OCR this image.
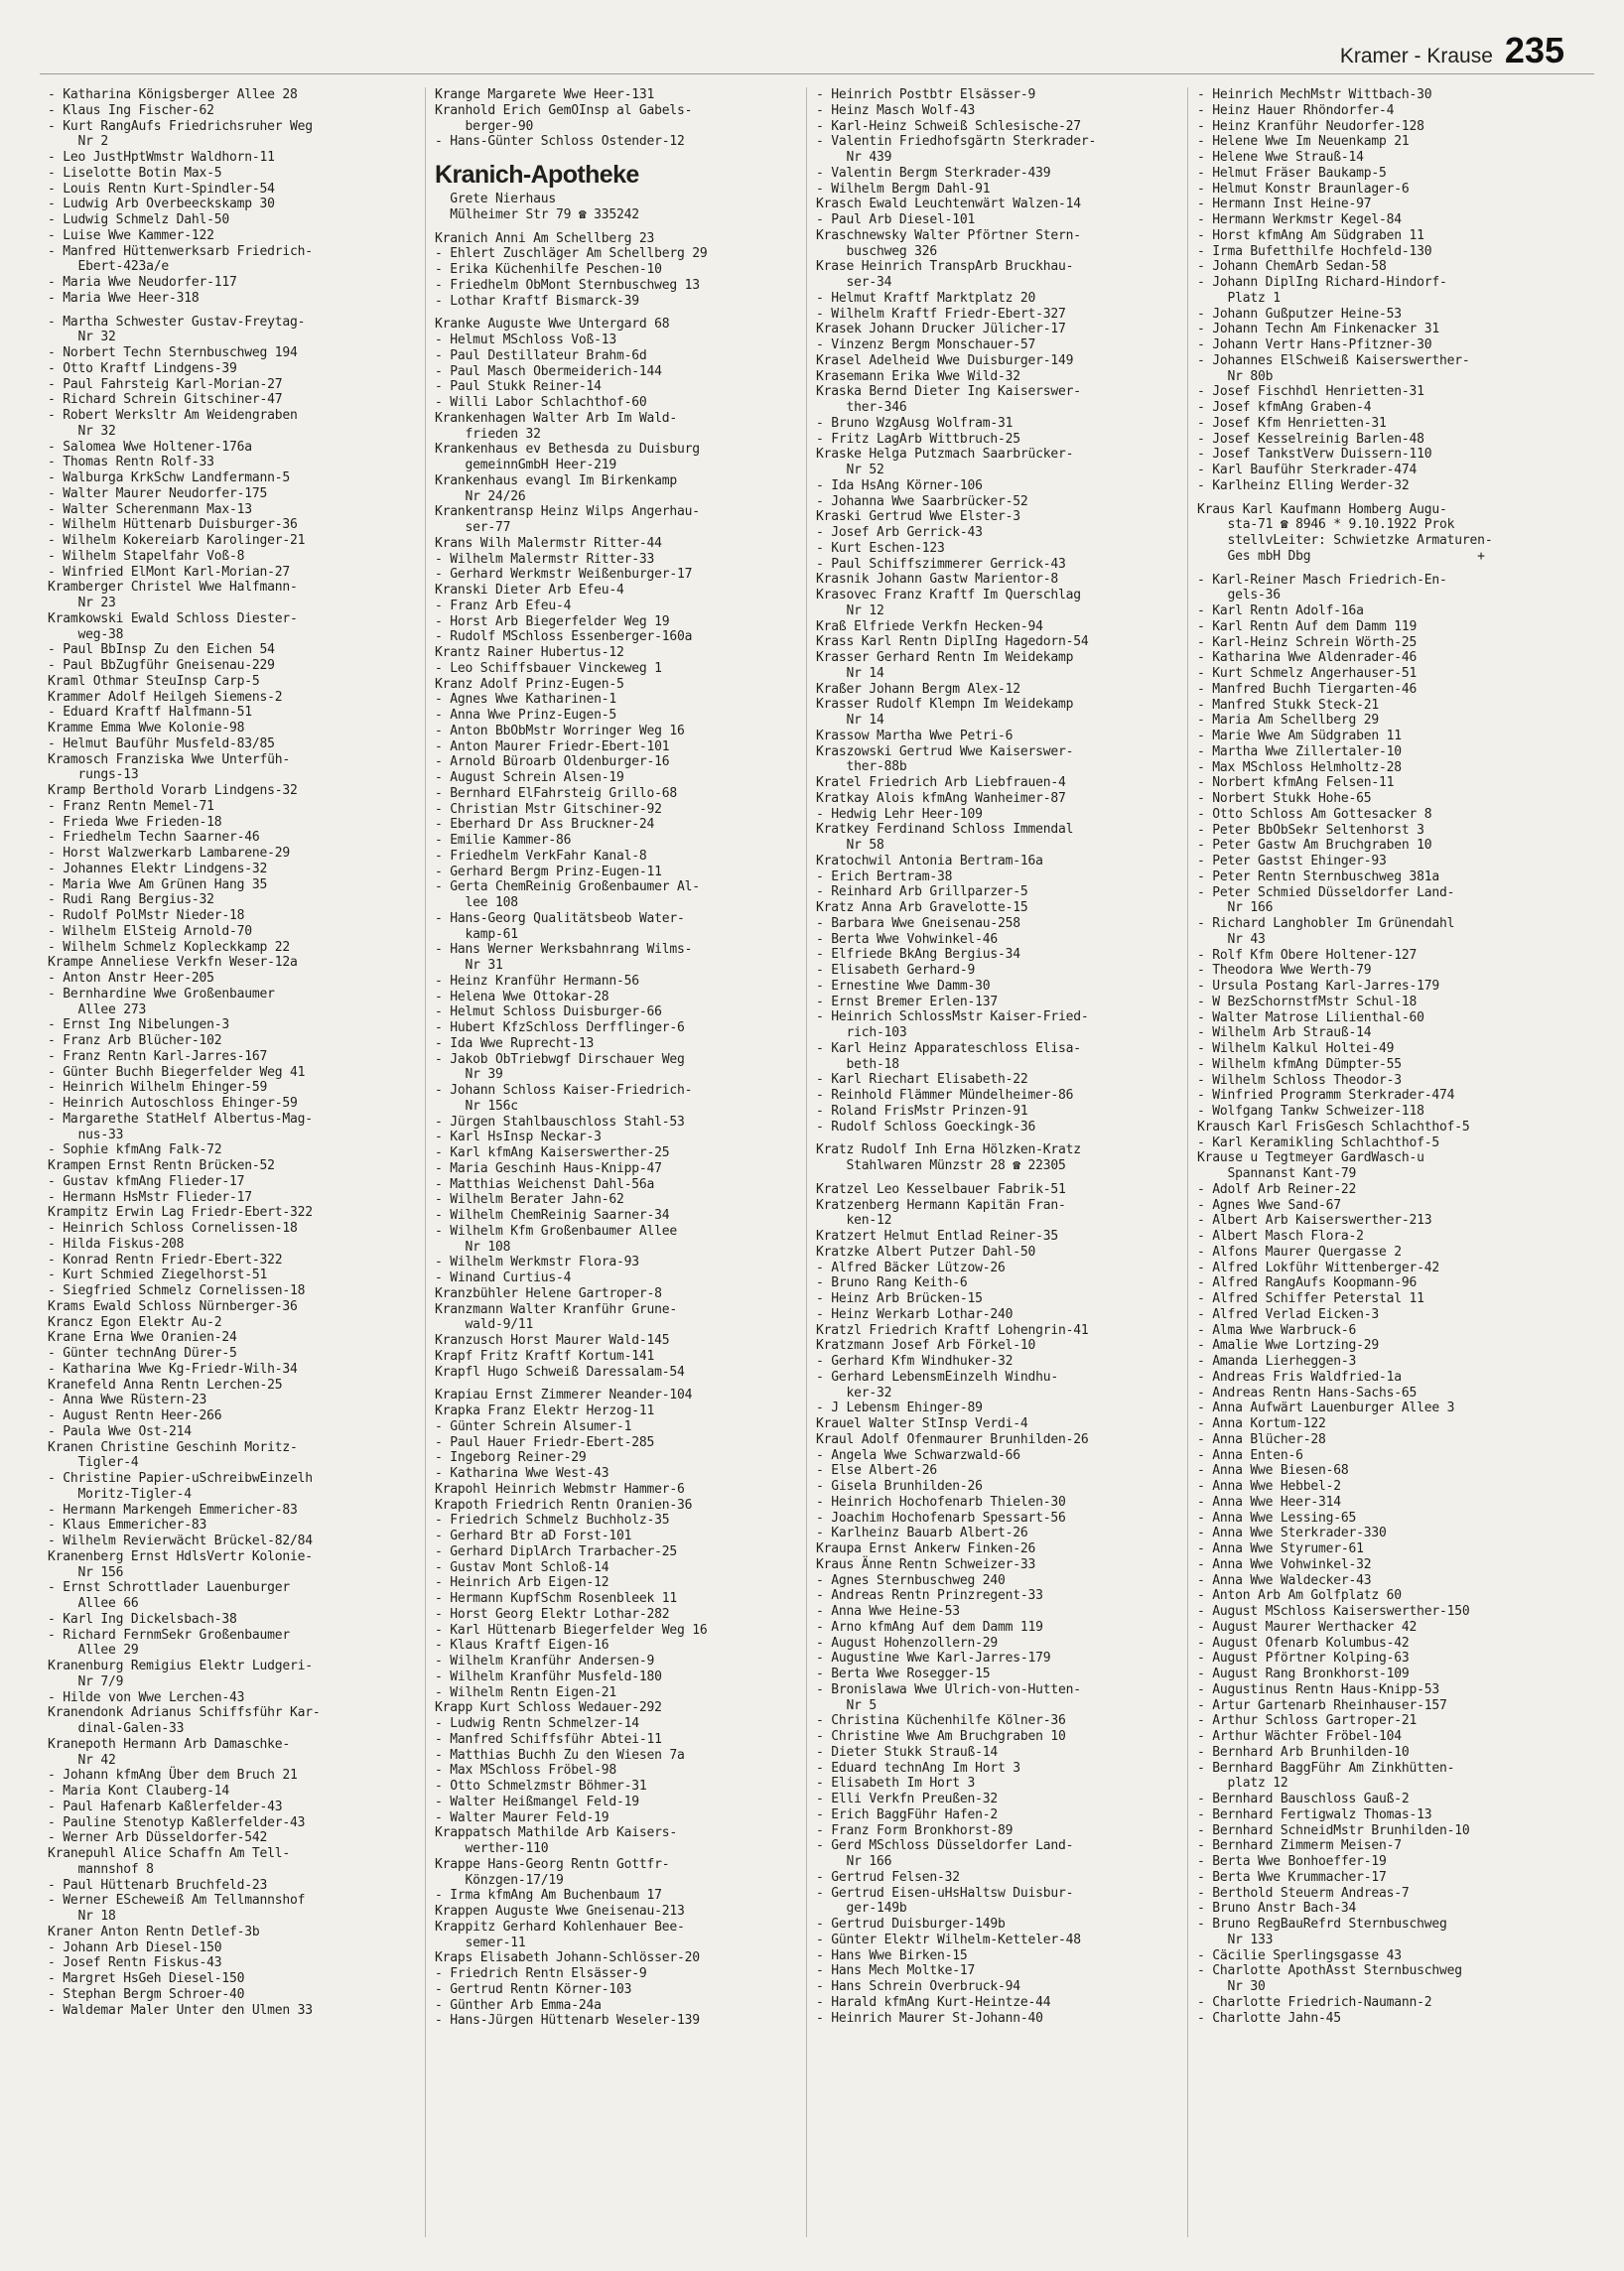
Kramer - Krause 235
- Katharina Königsberger Allee 28
- Klaus Ing Fischer-62
- Kurt RangAufs Friedrichsruher Weg
Nr 2
- Leo JustHptWmstr Waldhorn-11
- Liselotte Botin Max-5
- Louis Rentn Kurt-Spindler-54
- Ludwig Arb Overbeeckskamp 30
- Ludwig Schmelz Dahl-50
- Luise Wwe Kammer-122
- Manfred Hüttenwerksarb Friedrich-
Ebert-423a/e
- Maria Wwe Neudorfer-117
- Maria Wwe Heer-318
- Martha Schwester Gustav-Freytag-
Nr 32
- Norbert Techn Sternbuschweg 194
- Otto Kraftf Lindgens-39
- Paul Fahrsteig Karl-Morian-27
- Richard Schrein Gitschiner-47
- Robert Werksltr Am Weidengraben
Nr 32
- Salomea Wwe Holtener-176a
- Thomas Rentn Rolf-33
- Walburga KrkSchw Landfermann-5
- Walter Maurer Neudorfer-175
- Walter Scherenmann Max-13
- Wilhelm Hüttenarb Duisburger-36
- Wilhelm Kokereiarb Karolinger-21
- Wilhelm Stapelfahr Voß-8
- Winfried ElMont Karl-Morian-27
Kramberger Christel Wwe Halfmann-
Nr 23
Kramkowski Ewald Schloss Diester-
weg-38
- Paul BbInsp Zu den Eichen 54
- Paul BbZugführ Gneisenau-229
Kraml Othmar SteuInsp Carp-5
Krammer Adolf Heilgeh Siemens-2
- Eduard Kraftf Halfmann-51
Kramme Emma Wwe Kolonie-98
- Helmut Bauführ Musfeld-83/85
Kramosch Franziska Wwe Unterfüh-
rungs-13
Kramp Berthold Vorarb Lindgens-32
- Franz Rentn Memel-71
- Frieda Wwe Frieden-18
- Friedhelm Techn Saarner-46
- Horst Walzwerkarb Lambarene-29
- Johannes Elektr Lindgens-32
- Maria Wwe Am Grünen Hang 35
- Rudi Rang Bergius-32
- Rudolf PolMstr Nieder-18
- Wilhelm ElSteig Arnold-70
- Wilhelm Schmelz Kopleckkamp 22
Krampe Anneliese Verkfn Weser-12a
- Anton Anstr Heer-205
- Bernhardine Wwe Großenbaumer
Allee 273
- Ernst Ing Nibelungen-3
- Franz Arb Blücher-102
- Franz Rentn Karl-Jarres-167
- Günter Buchh Biegerfelder Weg 41
- Heinrich Wilhelm Ehinger-59
- Heinrich Autoschloss Ehinger-59
- Margarethe StatHelf Albertus-Mag-
nus-33
- Sophie kfmAng Falk-72
Krampen Ernst Rentn Brücken-52
- Gustav kfmAng Flieder-17
- Hermann HsMstr Flieder-17
Krampitz Erwin Lag Friedr-Ebert-322
- Heinrich Schloss Cornelissen-18
- Hilda Fiskus-208
- Konrad Rentn Friedr-Ebert-322
- Kurt Schmied Ziegelhorst-51
- Siegfried Schmelz Cornelissen-18
Krams Ewald Schloss Nürnberger-36
Krancz Egon Elektr Au-2
Krane Erna Wwe Oranien-24
- Günter technAng Dürer-5
- Katharina Wwe Kg-Friedr-Wilh-34
Kranefeld Anna Rentn Lerchen-25
- Anna Wwe Rüstern-23
- August Rentn Heer-266
- Paula Wwe Ost-214
Kranen Christine Geschinh Moritz-
Tigler-4
- Christine Papier-uSchreibwEinzelh
Moritz-Tigler-4
- Hermann Markengeh Emmericher-83
- Klaus Emmericher-83
- Wilhelm Revierwächt Brückel-82/84
Kranenberg Ernst HdlsVertr Kolonie-
Nr 156
- Ernst Schrottlader Lauenburger
Allee 66
- Karl Ing Dickelsbach-38
- Richard FernmSekr Großenbaumer
Allee 29
Kranenburg Remigius Elektr Ludgeri-
Nr 7/9
- Hilde von Wwe Lerchen-43
Kranendonk Adrianus Schiffsführ Kar-
dinal-Galen-33
Kranepoth Hermann Arb Damaschke-
Nr 42
- Johann kfmAng Über dem Bruch 21
- Maria Kont Clauberg-14
- Paul Hafenarb Kaßlerfelder-43
- Pauline Stenotyp Kaßlerfelder-43
- Werner Arb Düsseldorfer-542
Kranepuhl Alice Schaffn Am Tell-
mannshof 8
- Paul Hüttenarb Bruchfeld-23
- Werner EScheweiß Am Tellmannshof
Nr 18
Kraner Anton Rentn Detlef-3b
- Johann Arb Diesel-150
- Josef Rentn Fiskus-43
- Margret HsGeh Diesel-150
- Stephan Bergm Schroer-40
- Waldemar Maler Unter den Ulmen 33
Krange Margarete Wwe Heer-131
Kranhold Erich GemOInsp al Gabels-
berger-90
- Hans-Günter Schloss Ostender-12
Kranich-Apotheke
Grete Nierhaus
Mülheimer Str 79 ☎ 335242
Kranich Anni Am Schellberg 23
- Ehlert Zuschläger Am Schellberg 29
- Erika Küchenhilfe Peschen-10
- Friedhelm ObMont Sternbuschweg 13
- Lothar Kraftf Bismarck-39
Kranke Auguste Wwe Untergard 68
- Helmut MSchloss Voß-13
- Paul Destillateur Brahm-6d
- Paul Masch Obermeiderich-144
- Paul Stukk Reiner-14
- Willi Labor Schlachthof-60
Krankenhagen Walter Arb Im Wald-
frieden 32
Krankenhaus ev Bethesda zu Duisburg
gemeinnGmbH Heer-219
Krankenhaus evangl Im Birkenkamp
Nr 24/26
Krankentransp Heinz Wilps Angerhau-
ser-77
Krans Wilh Malermstr Ritter-44
- Wilhelm Malermstr Ritter-33
- Gerhard Werkmstr Weißenburger-17
Kranski Dieter Arb Efeu-4
- Franz Arb Efeu-4
- Horst Arb Biegerfelder Weg 19
- Rudolf MSchloss Essenberger-160a
Krantz Rainer Hubertus-12
- Leo Schiffsbauer Vinckeweg 1
Kranz Adolf Prinz-Eugen-5
- Agnes Wwe Katharinen-1
- Anna Wwe Prinz-Eugen-5
- Anton BbObMstr Worringer Weg 16
- Anton Maurer Friedr-Ebert-101
- Arnold Büroarb Oldenburger-16
- August Schrein Alsen-19
- Bernhard ElFahrsteig Grillo-68
- Christian Mstr Gitschiner-92
- Eberhard Dr Ass Bruckner-24
- Emilie Kammer-86
- Friedhelm VerkFahr Kanal-8
- Gerhard Bergm Prinz-Eugen-11
- Gerta ChemReinig Großenbaumer Al-
lee 108
- Hans-Georg Qualitätsbeob Water-
kamp-61
- Hans Werner Werksbahnrang Wilms-
Nr 31
- Heinz Kranführ Hermann-56
- Helena Wwe Ottokar-28
- Helmut Schloss Duisburger-66
- Hubert KfzSchloss Derfflinger-6
- Ida Wwe Ruprecht-13
- Jakob ObTriebwgf Dirschauer Weg
Nr 39
- Johann Schloss Kaiser-Friedrich-
Nr 156c
- Jürgen Stahlbauschloss Stahl-53
- Karl HsInsp Neckar-3
- Karl kfmAng Kaiserswerther-25
- Maria Geschinh Haus-Knipp-47
- Matthias Weichenst Dahl-56a
- Wilhelm Berater Jahn-62
- Wilhelm ChemReinig Saarner-34
- Wilhelm Kfm Großenbaumer Allee
Nr 108
- Wilhelm Werkmstr Flora-93
- Winand Curtius-4
Kranzbühler Helene Gartroper-8
Kranzmann Walter Kranführ Grune-
wald-9/11
Kranzusch Horst Maurer Wald-145
Krapf Fritz Kraftf Kortum-141
Krapfl Hugo Schweiß Daressalam-54
Krapiau Ernst Zimmerer Neander-104
Krapka Franz Elektr Herzog-11
- Günter Schrein Alsumer-1
- Paul Hauer Friedr-Ebert-285
- Ingeborg Reiner-29
- Katharina Wwe West-43
Krapohl Heinrich Webmstr Hammer-6
Krapoth Friedrich Rentn Oranien-36
- Friedrich Schmelz Buchholz-35
- Gerhard Btr aD Forst-101
- Gerhard DiplArch Trarbacher-25
- Gustav Mont Schloß-14
- Heinrich Arb Eigen-12
- Hermann KupfSchm Rosenbleek 11
- Horst Georg Elektr Lothar-282
- Karl Hüttenarb Biegerfelder Weg 16
- Klaus Kraftf Eigen-16
- Wilhelm Kranführ Andersen-9
- Wilhelm Kranführ Musfeld-180
- Wilhelm Rentn Eigen-21
Krapp Kurt Schloss Wedauer-292
- Ludwig Rentn Schmelzer-14
- Manfred Schiffsführ Abtei-11
- Matthias Buchh Zu den Wiesen 7a
- Max MSchloss Fröbel-98
- Otto Schmelzmstr Böhmer-31
- Walter Heißmangel Feld-19
- Walter Maurer Feld-19
Krappatsch Mathilde Arb Kaisers-
werther-110
Krappe Hans-Georg Rentn Gottfr-
Könzgen-17/19
- Irma kfmAng Am Buchenbaum 17
Krappen Auguste Wwe Gneisenau-213
Krappitz Gerhard Kohlenhauer Bee-
semer-11
Kraps Elisabeth Johann-Schlösser-20
- Friedrich Rentn Elsässer-9
- Gertrud Rentn Körner-103
- Günther Arb Emma-24a
- Hans-Jürgen Hüttenarb Weseler-139
- Heinrich Postbtr Elsässer-9
- Heinz Masch Wolf-43
- Karl-Heinz Schweiß Schlesische-27
- Valentin Friedhofsgärtn Sterkrader-
Nr 439
- Valentin Bergm Sterkrader-439
- Wilhelm Bergm Dahl-91
Krasch Ewald Leuchtenwärt Walzen-14
- Paul Arb Diesel-101
Kraschnewsky Walter Pförtner Stern-
buschweg 326
Krase Heinrich TranspArb Bruckhau-
ser-34
- Helmut Kraftf Marktplatz 20
- Wilhelm Kraftf Friedr-Ebert-327
Krasek Johann Drucker Jülicher-17
- Vinzenz Bergm Monschauer-57
Krasel Adelheid Wwe Duisburger-149
Krasemann Erika Wwe Wild-32
Kraska Bernd Dieter Ing Kaiserswer-
ther-346
- Bruno WzgAusg Wolfram-31
- Fritz LagArb Wittbruch-25
Kraske Helga Putzmach Saarbrücker-
Nr 52
- Ida HsAng Körner-106
- Johanna Wwe Saarbrücker-52
Kraski Gertrud Wwe Elster-3
- Josef Arb Gerrick-43
- Kurt Eschen-123
- Paul Schiffszimmerer Gerrick-43
Krasnik Johann Gastw Marientor-8
Krasovec Franz Kraftf Im Querschlag
Nr 12
Kraß Elfriede Verkfn Hecken-94
Krass Karl Rentn DiplIng Hagedorn-54
Krasser Gerhard Rentn Im Weidekamp
Nr 14
Kraßer Johann Bergm Alex-12
Krasser Rudolf Klempn Im Weidekamp
Nr 14
Krassow Martha Wwe Petri-6
Kraszowski Gertrud Wwe Kaiserswer-
ther-88b
Kratel Friedrich Arb Liebfrauen-4
Kratkay Alois kfmAng Wanheimer-87
- Hedwig Lehr Heer-109
Kratkey Ferdinand Schloss Immendal
Nr 58
Kratochwil Antonia Bertram-16a
- Erich Bertram-38
- Reinhard Arb Grillparzer-5
Kratz Anna Arb Gravelotte-15
- Barbara Wwe Gneisenau-258
- Berta Wwe Vohwinkel-46
- Elfriede BkAng Bergius-34
- Elisabeth Gerhard-9
- Ernestine Wwe Damm-30
- Ernst Bremer Erlen-137
- Heinrich SchlossMstr Kaiser-Fried-
rich-103
- Karl Heinz Apparateschloss Elisa-
beth-18
- Karl Riechart Elisabeth-22
- Reinhold Flämmer Mündelheimer-86
- Roland FrisMstr Prinzen-91
- Rudolf Schloss Goeckingk-36
Kratz Rudolf Inh Erna Hölzken-Kratz
Stahlwaren Münzstr 28 ☎ 22305
Kratzel Leo Kesselbauer Fabrik-51
Kratzenberg Hermann Kapitän Fran-
ken-12
Kratzert Helmut Entlad Reiner-35
Kratzke Albert Putzer Dahl-50
- Alfred Bäcker Lützow-26
- Bruno Rang Keith-6
- Heinz Arb Brücken-15
- Heinz Werkarb Lothar-240
Kratzl Friedrich Kraftf Lohengrin-41
Kratzmann Josef Arb Förkel-10
- Gerhard Kfm Windhuker-32
- Gerhard LebensmEinzelh Windhu-
ker-32
- J Lebensm Ehinger-89
Krauel Walter StInsp Verdi-4
Kraul Adolf Ofenmaurer Brunhilden-26
- Angela Wwe Schwarzwald-66
- Else Albert-26
- Gisela Brunhilden-26
- Heinrich Hochofenarb Thielen-30
- Joachim Hochofenarb Spessart-56
- Karlheinz Bauarb Albert-26
Kraupa Ernst Ankerw Finken-26
Kraus Änne Rentn Schweizer-33
- Agnes Sternbuschweg 240
- Andreas Rentn Prinzregent-33
- Anna Wwe Heine-53
- Arno kfmAng Auf dem Damm 119
- August Hohenzollern-29
- Augustine Wwe Karl-Jarres-179
- Berta Wwe Rosegger-15
- Bronislawa Wwe Ulrich-von-Hutten-
Nr 5
- Christina Küchenhilfe Kölner-36
- Christine Wwe Am Bruchgraben 10
- Dieter Stukk Strauß-14
- Eduard technAng Im Hort 3
- Elisabeth Im Hort 3
- Elli Verkfn Preußen-32
- Erich BaggFühr Hafen-2
- Franz Form Bronkhorst-89
- Gerd MSchloss Düsseldorfer Land-
Nr 166
- Gertrud Felsen-32
- Gertrud Eisen-uHsHaltsw Duisbur-
ger-149b
- Gertrud Duisburger-149b
- Günter Elektr Wilhelm-Ketteler-48
- Hans Wwe Birken-15
- Hans Mech Moltke-17
- Hans Schrein Overbruck-94
- Harald kfmAng Kurt-Heintze-44
- Heinrich Maurer St-Johann-40
- Heinrich MechMstr Wittbach-30
- Heinz Hauer Rhöndorfer-4
- Heinz Kranführ Neudorfer-128
- Helene Wwe Im Neuenkamp 21
- Helene Wwe Strauß-14
- Helmut Fräser Baukamp-5
- Helmut Konstr Braunlager-6
- Hermann Inst Heine-97
- Hermann Werkmstr Kegel-84
- Horst kfmAng Am Südgraben 11
- Irma Bufetthilfe Hochfeld-130
- Johann ChemArb Sedan-58
- Johann DiplIng Richard-Hindorf-
Platz 1
- Johann Gußputzer Heine-53
- Johann Techn Am Finkenacker 31
- Johann Vertr Hans-Pfitzner-30
- Johannes ElSchweiß Kaiserswerther-
Nr 80b
- Josef Fischhdl Henrietten-31
- Josef kfmAng Graben-4
- Josef Kfm Henrietten-31
- Josef Kesselreinig Barlen-48
- Josef TankstVerw Duissern-110
- Karl Bauführ Sterkrader-474
- Karlheinz Elling Werder-32
Kraus Karl Kaufmann Homberg Augu-
sta-71 ☎ 8946 * 9.10.1922 Prok
stellvLeiter: Schwietzke Armaturen-
Ges mbH Dbg                      +
- Karl-Reiner Masch Friedrich-En-
gels-36
- Karl Rentn Adolf-16a
- Karl Rentn Auf dem Damm 119
- Karl-Heinz Schrein Wörth-25
- Katharina Wwe Aldenrader-46
- Kurt Schmelz Angerhauser-51
- Manfred Buchh Tiergarten-46
- Manfred Stukk Steck-21
- Maria Am Schellberg 29
- Marie Wwe Am Südgraben 11
- Martha Wwe Zillertaler-10
- Max MSchloss Helmholtz-28
- Norbert kfmAng Felsen-11
- Norbert Stukk Hohe-65
- Otto Schloss Am Gottesacker 8
- Peter BbObSekr Seltenhorst 3
- Peter Gastw Am Bruchgraben 10
- Peter Gastst Ehinger-93
- Peter Rentn Sternbuschweg 381a
- Peter Schmied Düsseldorfer Land-
Nr 166
- Richard Langhobler Im Grünendahl
Nr 43
- Rolf Kfm Obere Holtener-127
- Theodora Wwe Werth-79
- Ursula Postang Karl-Jarres-179
- W BezSchornstfMstr Schul-18
- Walter Matrose Lilienthal-60
- Wilhelm Arb Strauß-14
- Wilhelm Kalkul Holtei-49
- Wilhelm kfmAng Dümpter-55
- Wilhelm Schloss Theodor-3
- Winfried Programm Sterkrader-474
- Wolfgang Tankw Schweizer-118
Krausch Karl FrisGesch Schlachthof-5
- Karl Keramikling Schlachthof-5
Krause u Tegtmeyer GardWasch-u
Spannanst Kant-79
- Adolf Arb Reiner-22
- Agnes Wwe Sand-67
- Albert Arb Kaiserswerther-213
- Albert Masch Flora-2
- Alfons Maurer Quergasse 2
- Alfred Lokführ Wittenberger-42
- Alfred RangAufs Koopmann-96
- Alfred Schiffer Peterstal 11
- Alfred Verlad Eicken-3
- Alma Wwe Warbruck-6
- Amalie Wwe Lortzing-29
- Amanda Lierheggen-3
- Andreas Fris Waldfried-1a
- Andreas Rentn Hans-Sachs-65
- Anna Aufwärt Lauenburger Allee 3
- Anna Kortum-122
- Anna Blücher-28
- Anna Enten-6
- Anna Wwe Biesen-68
- Anna Wwe Hebbel-2
- Anna Wwe Heer-314
- Anna Wwe Lessing-65
- Anna Wwe Sterkrader-330
- Anna Wwe Styrumer-61
- Anna Wwe Vohwinkel-32
- Anna Wwe Waldecker-43
- Anton Arb Am Golfplatz 60
- August MSchloss Kaiserswerther-150
- August Maurer Werthacker 42
- August Ofenarb Kolumbus-42
- August Pförtner Kolping-63
- August Rang Bronkhorst-109
- Augustinus Rentn Haus-Knipp-53
- Artur Gartenarb Rheinhauser-157
- Arthur Schloss Gartroper-21
- Arthur Wächter Fröbel-104
- Bernhard Arb Brunhilden-10
- Bernhard BaggFühr Am Zinkhütten-
platz 12
- Bernhard Bauschloss Gauß-2
- Bernhard Fertigwalz Thomas-13
- Bernhard SchneidMstr Brunhilden-10
- Bernhard Zimmerm Meisen-7
- Berta Wwe Bonhoeffer-19
- Berta Wwe Krummacher-17
- Berthold Steuerm Andreas-7
- Bruno Anstr Bach-34
- Bruno RegBauRefrd Sternbuschweg
Nr 133
- Cäcilie Sperlingsgasse 43
- Charlotte ApothAsst Sternbuschweg
Nr 30
- Charlotte Friedrich-Naumann-2
- Charlotte Jahn-45
